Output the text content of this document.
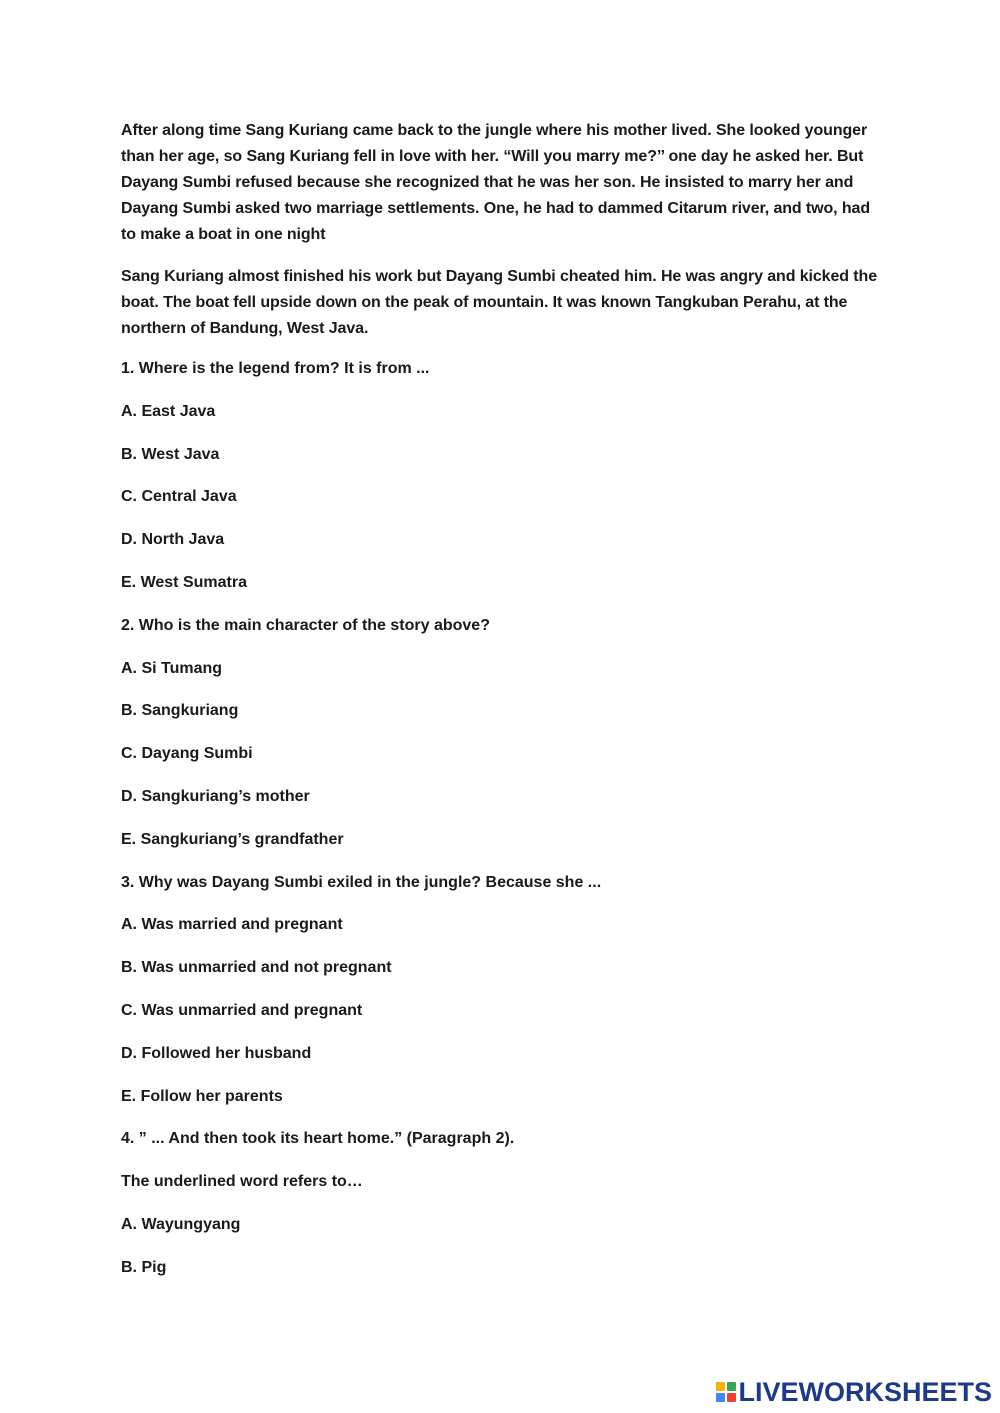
After along time Sang Kuriang came back to the jungle where his mother lived. She looked younger than her age, so Sang Kuriang fell in love with her. “Will you marry me?’’ one day he asked her. But Dayang Sumbi refused because she recognized that he was her son. He insisted to marry her and Dayang Sumbi asked two marriage settlements. One, he had to dammed Citarum river, and two, had to make a boat in one night

Sang Kuriang almost finished his work but Dayang Sumbi cheated him. He was angry and kicked the boat. The boat fell upside down on the peak of mountain. It was known Tangkuban Perahu, at the northern of Bandung, West Java.

1. Where is the legend from? It is from ...
A. East Java
B. West Java
C. Central Java
D. North Java
E. West Sumatra
2. Who is the main character of the story above?
A. Si Tumang
B. Sangkuriang
C. Dayang Sumbi
D. Sangkuriang’s mother
E. Sangkuriang’s grandfather
3. Why was Dayang Sumbi exiled in the jungle? Because she ...
A. Was married and pregnant
B. Was unmarried and not pregnant
C. Was unmarried and pregnant
D. Followed her husband
E. Follow her parents
4. ” ... And then took its heart home.” (Paragraph 2).
The underlined word refers to…
A. Wayungyang
B. Pig
LIVEWORKSHEETS
